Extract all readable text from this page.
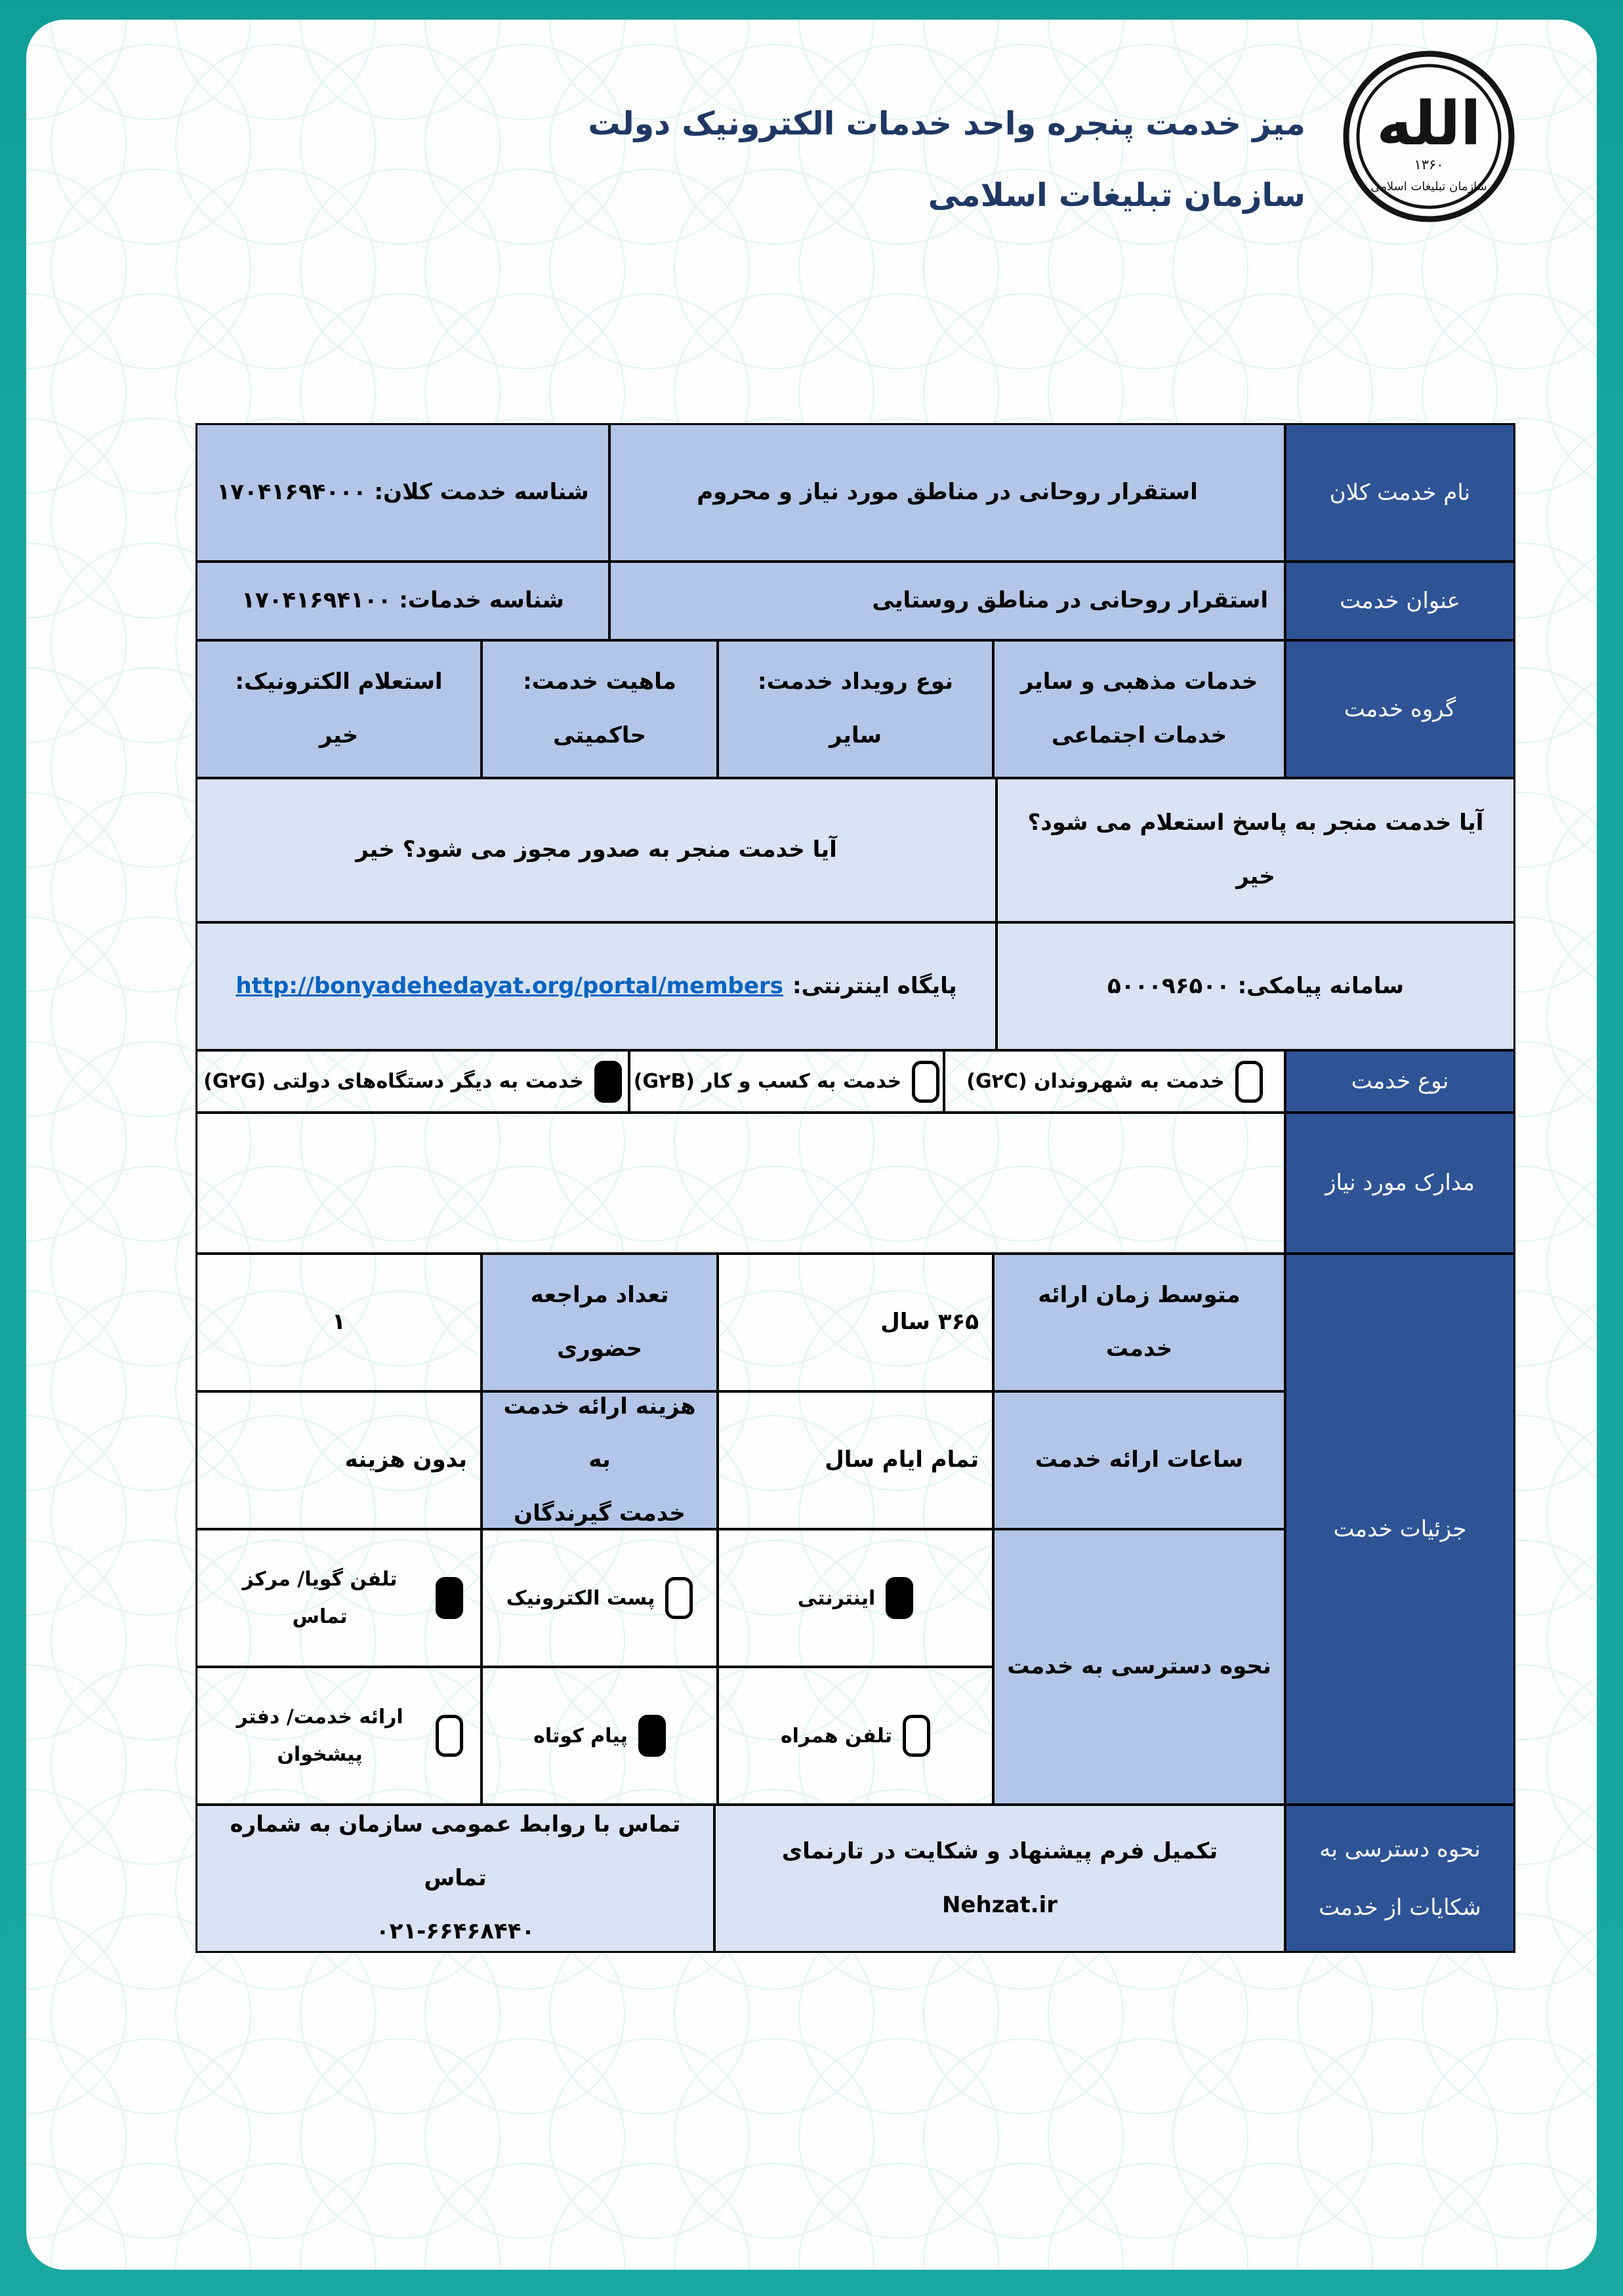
الله
۱۳۶۰
سازمان تبلیغات اسلامی
میز خدمت پنجره واحد خدمات الکترونیک دولت
سازمان تبلیغات اسلامی
نام خدمت کلان
استقرار روحانی در مناطق مورد نیاز و محروم
شناسه خدمت کلان: ۱۷۰۴۱۶۹۴۰۰۰
عنوان خدمت
استقرار روحانی در مناطق روستایی
شناسه خدمات: ۱۷۰۴۱۶۹۴۱۰۰
گروه خدمت
خدمات مذهبی و سایر
خدمات اجتماعی
نوع رویداد خدمت:
سایر
ماهیت خدمت:
حاکمیتی
استعلام الکترونیک:
خیر
آیا خدمت منجر به پاسخ استعلام می شود؟ خیر
آیا خدمت منجر به صدور مجوز می شود؟ خیر
سامانه پیامکی: ۵۰۰۰۹۶۵۰۰
پایگاه اینترنتی:
http://bonyadehedayat.org/portal/members
نوع خدمت
خدمت به شهروندان (G۲C)
خدمت به کسب و کار (G۲B)
خدمت به دیگر دستگاه‌های دولتی (G۲G)
مدارک مورد نیاز
جزئیات خدمت
متوسط زمان ارائه خدمت
۳۶۵ سال
تعداد مراجعه
حضوری
۱
ساعات ارائه خدمت
تمام ایام سال
هزینه ارائه خدمت به
خدمت گیرندگان
بدون هزینه
نحوه دسترسی به خدمت
اینترنتی
پست الکترونیک
تلفن گویا/ مرکز تماس
تلفن همراه
پیام کوتاه
ارائه خدمت/ دفتر پیشخوان
نحوه دسترسی به
شکایات از خدمت
تکمیل فرم پیشنهاد و شکایت در تارنمای Nehzat.ir
تماس با روابط عمومی سازمان به شماره تماس
۰۲۱-۶۶۴۶۸۴۴۰
